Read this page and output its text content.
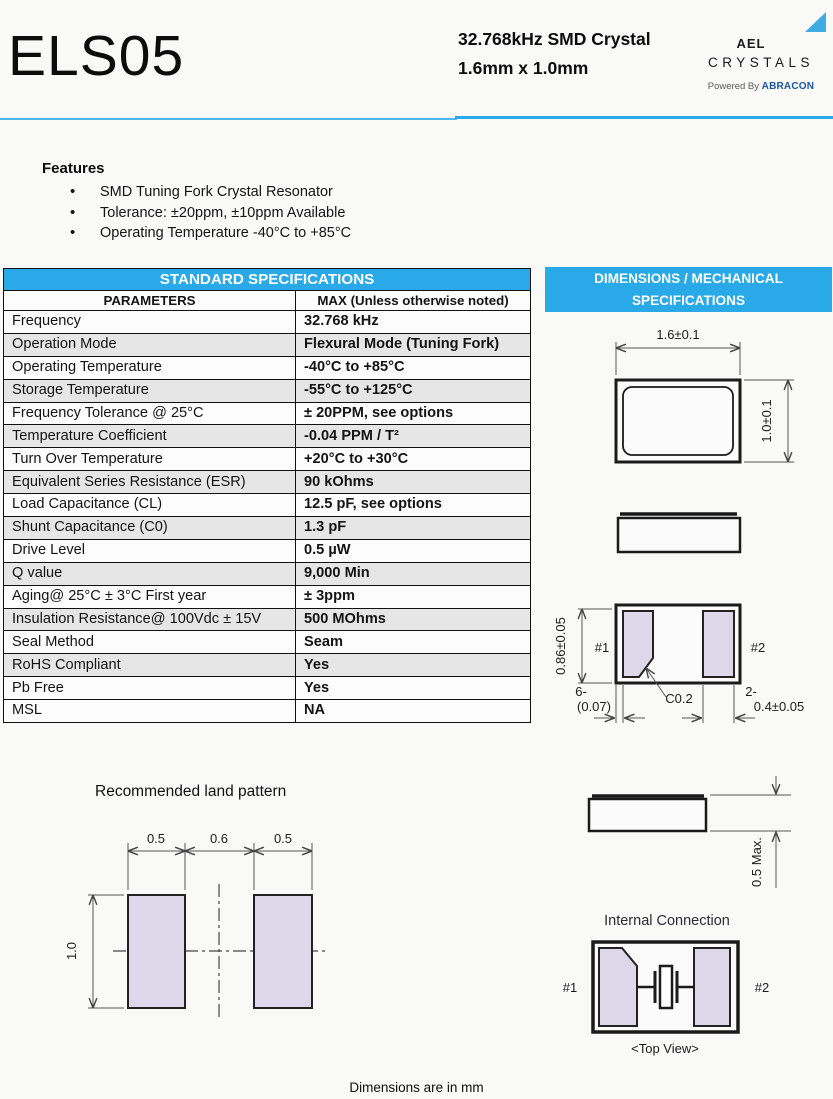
ELS05	32.768kHz SMD Crystal
1.6mm x 1.0mm
AEL
CRYSTALS
Powered By ABRACON
Features
• SMD Tuning Fork Crystal Resonator
• Tolerance: ±20ppm, ±10ppm Available
• Operating Temperature -40°C to +85°C
STANDARD SPECIFICATIONS	
PARAMETERS	MAX (Unless otherwise noted)
Frequency	32.768 kHz
Operation Mode	Flexural Mode (Tuning Fork)
Operating Temperature	-40°C to +85°C
Storage Temperature	-55°C to +125°C
Frequency Tolerance @ 25°C	± 20PPM, see options
Temperature Coefficient	-0.04 PPM / T²
Turn Over Temperature	+20°C to +30°C
Equivalent Series Resistance (ESR)	90 kOhms
Load Capacitance (CL)	12.5 pF, see options
Shunt Capacitance (C0)	1.3 pF
Drive Level	0.5 µW
Q value	9,000 Min
Aging@ 25°C ± 3°C First year	± 3ppm
Insulation Resistance@ 100Vdc ± 15V	500 MOhms
Seal Method	Seam
RoHS Compliant	Yes
Pb Free	Yes
MSL	NA
DIMENSIONS / MECHANICAL
SPECIFICATIONS
1.6±0.1
1.0±0.1
#1	#2
0.86±0.05
6-
(0.07)
C0.2	2-
0.4±0.05
0.5 Max.
Internal Connection
#1	#2
<Top View>
Recommended land pattern
0.5	0.6	0.5
1.0
Dimensions are in mm
